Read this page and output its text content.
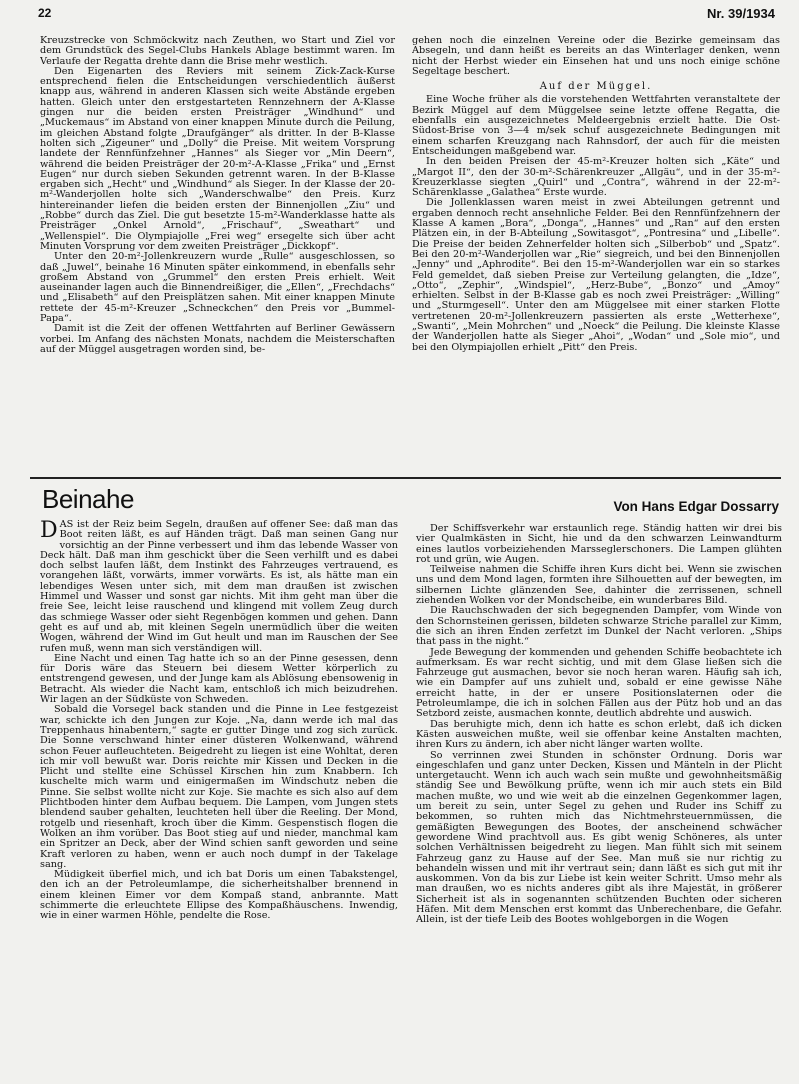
22	Nr. 39/1934

Kreuzstrecke von Schmöckwitz nach Zeuthen, wo Start und Ziel vor dem Grundstück des Segel-Clubs Hankels Ablage bestimmt waren. Im Verlaufe der Regatta drehte dann die Brise mehr westlich.

Den Eigenarten des Reviers mit seinem Zick-Zack-Kurse entsprechend fielen die Entscheidungen verschiedentlich äußerst knapp aus, während in anderen Klassen sich weite Abstände ergeben hatten. Gleich unter den erstgestarteten Rennzehnern der A-Klasse gingen nur die beiden ersten Preisträger „Windhund“ und „Muckemaus“ im Abstand von einer knappen Minute durch die Peilung, im gleichen Abstand folgte „Draufgänger“ als dritter. In der B-Klasse holten sich „Zigeuner“ und „Dolly“ die Preise. Mit weitem Vorsprung landete der Rennfünfzehner „Hannes“ als Sieger vor „Min Deern“, während die beiden Preisträger der 20-m²-A-Klasse „Frika“ und „Ernst Eugen“ nur durch sieben Sekunden getrennt waren. In der B-Klasse ergaben sich „Hecht“ und „Windhund“ als Sieger. In der Klasse der 20-m²-Wanderjollen holte sich „Wanderschwalbe“ den Preis. Kurz hintereinander liefen die beiden ersten der Binnenjollen „Ziu“ und „Robbe“ durch das Ziel. Die gut besetzte 15-m²-Wanderklasse hatte als Preisträger „Onkel Arnold“, „Frischauf“, „Sweathart“ und „Wellenspiel“. Die Olympiajolle „Frei weg“ ersegelte sich über acht Minuten Vorsprung vor dem zweiten Preisträger „Dickkopf“.

Unter den 20-m²-Jollenkreuzern wurde „Rulle“ ausgeschlossen, so daß „Juwel“, beinahe 16 Minuten später einkommend, in ebenfalls sehr großem Abstand von „Grummel“ den ersten Preis erhielt. Weit auseinander lagen auch die Binnendreißiger, die „Ellen“, „Frechdachs“ und „Elisabeth“ auf den Preisplätzen sahen. Mit einer knappen Minute rettete der 45-m²-Kreuzer „Schneckchen“ den Preis vor „Bummel-Papa“.

Damit ist die Zeit der offenen Wettfahrten auf Berliner Gewässern vorbei. Im Anfang des nächsten Monats, nachdem die Meisterschaften auf der Müggel ausgetragen worden sind, be-

gehen noch die einzelnen Vereine oder die Bezirke gemeinsam das Absegeln, und dann heißt es bereits an das Winterlager denken, wenn nicht der Herbst wieder ein Einsehen hat und uns noch einige schöne Segeltage beschert.

Auf der Müggel.

Eine Woche früher als die vorstehenden Wettfahrten veranstaltete der Bezirk Müggel auf dem Müggelsee seine letzte offene Regatta, die ebenfalls ein ausgezeichnetes Meldeergebnis erzielt hatte. Die Ost-Südost-Brise von 3—4 m/sek schuf ausgezeichnete Bedingungen mit einem scharfen Kreuzgang nach Rahnsdorf, der auch für die meisten Entscheidungen maßgebend war.

In den beiden Preisen der 45-m²-Kreuzer holten sich „Käte“ und „Margot II“, den der 30-m²-Schärenkreuzer „Allgäu“, und in der 35-m²-Kreuzerklasse siegten „Quirl“ und „Contra“, während in der 22-m²-Schärenklasse „Galathea“ Erste wurde.

Die Jollenklassen waren meist in zwei Abteilungen getrennt und ergaben dennoch recht ansehnliche Felder. Bei den Rennfünfzehnern der Klasse A kamen „Bora“, „Donga“, „Hannes“ und „Ran“ auf den ersten Plätzen ein, in der B-Abteilung „Sowitasgot“, „Pontresina“ und „Libelle“. Die Preise der beiden Zehnerfelder holten sich „Silberbob“ und „Spatz“. Bei den 20-m²-Wanderjollen war „Rie“ siegreich, und bei den Binnenjollen „Jenny“ und „Aphrodite“. Bei den 15-m²-Wanderjollen war ein so starkes Feld gemeldet, daß sieben Preise zur Verteilung gelangten, die „Idze“, „Otto“, „Zephir“, „Windspiel“, „Herz-Bube“, „Bonzo“ und „Amoy“ erhielten. Selbst in der B-Klasse gab es noch zwei Preisträger: „Willing“ und „Sturmgesell“. Unter den am Müggelsee mit einer starken Flotte vertretenen 20-m²-Jollenkreuzern passierten als erste „Wetterhexe“, „Swanti“, „Mein Mohrchen“ und „Noeck“ die Peilung. Die kleinste Klasse der Wanderjollen hatte als Sieger „Ahoi“, „Wodan“ und „Sole mio“, und bei den Olympiajollen erhielt „Pitt“ den Preis.

Beinahe	Von Hans Edgar Dossarry

DAS ist der Reiz beim Segeln, draußen auf offener See: daß man das Boot reiten läßt, es auf Händen trägt. Daß man seinen Gang nur vorsichtig an der Pinne verbessert und ihm das lebende Wasser von Deck hält. Daß man ihm geschickt über die Seen verhilft und es dabei doch selbst laufen läßt, dem Instinkt des Fahrzeuges vertrauend, es vorangehen läßt, vorwärts, immer vorwärts. Es ist, als hätte man ein lebendiges Wesen unter sich, mit dem man draußen ist zwischen Himmel und Wasser und sonst gar nichts. Mit ihm geht man über die freie See, leicht leise rauschend und klingend mit vollem Zeug durch das schmiege Wasser oder sieht Regenbögen kommen und gehen. Dann geht es auf und ab, mit kleinen Segeln unermüdlich über die weiten Wogen, während der Wind im Gut heult und man im Rauschen der See rufen muß, wenn man sich verständigen will.

Eine Nacht und einen Tag hatte ich so an der Pinne gesessen, denn für Doris wäre das Steuern bei diesem Wetter körperlich zu entstrengend gewesen, und der Junge kam als Ablösung ebensowenig in Betracht. Als wieder die Nacht kam, entschloß ich mich beizudrehen. Wir lagen an der Südküste von Schweden.

Sobald die Vorsegel back standen und die Pinne in Lee festgezeist war, schickte ich den Jungen zur Koje. „Na, dann werde ich mal das Treppenhaus hinabentern,“ sagte er gutter Dinge und zog sich zurück. Die Sonne verschwand hinter einer düsteren Wolkenwand, während schon Feuer aufleuchteten. Beigedreht zu liegen ist eine Wohltat, deren ich mir voll bewußt war. Doris reichte mir Kissen und Decken in die Plicht und stellte eine Schüssel Kirschen hin zum Knabbern. Ich kuschelte mich warm und einigermaßen im Windschutz neben die Pinne. Sie selbst wollte nicht zur Koje. Sie machte es sich also auf dem Plichtboden hinter dem Aufbau bequem. Die Lampen, vom Jungen stets blendend sauber gehalten, leuchteten hell über die Reeling. Der Mond, rotgelb und riesenhaft, kroch über die Kimm. Gespenstisch flogen die Wolken an ihm vorüber. Das Boot stieg auf und nieder, manchmal kam ein Spritzer an Deck, aber der Wind schien sanft geworden und seine Kraft verloren zu haben, wenn er auch noch dumpf in der Takelage sang.

Müdigkeit überfiel mich, und ich bat Doris um einen Tabakstengel, den ich an der Petroleumlampe, die sicherheitshalber brennend in einem kleinen Eimer vor dem Kompaß stand, anbrannte. Matt schimmerte die erleuchtete Ellipse des Kompaßhäuschens. Inwendig, wie in einer warmen Höhle, pendelte die Rose.

Der Schiffsverkehr war erstaunlich rege. Ständig hatten wir drei bis vier Qualmkästen in Sicht, hie und da den schwarzen Leinwandturm eines lautlos vorbeiziehenden Marsseglerschoners. Die Lampen glühten rot und grün, wie Augen.

Teilweise nahmen die Schiffe ihren Kurs dicht bei. Wenn sie zwischen uns und dem Mond lagen, formten ihre Silhouetten auf der bewegten, im silbernen Lichte glänzenden See, dahinter die zerrissenen, schnell ziehenden Wolken vor der Mondscheibe, ein wunderbares Bild.

Die Rauchschwaden der sich begegnenden Dampfer, vom Winde von den Schornsteinen gerissen, bildeten schwarze Striche parallel zur Kimm, die sich an ihren Enden zerfetzt im Dunkel der Nacht verloren. „Ships that pass in the night.“

Jede Bewegung der kommenden und gehenden Schiffe beobachtete ich aufmerksam. Es war recht sichtig, und mit dem Glase ließen sich die Fahrzeuge gut ausmachen, bevor sie noch heran waren. Häufig sah ich, wie ein Dampfer auf uns zuhielt und, sobald er eine gewisse Nähe erreicht hatte, in der er unsere Positionslaternen oder die Petroleumlampe, die ich in solchen Fällen aus der Pütz hob und an das Setzbord zeiste, ausmachen konnte, deutlich abdrehte und auswich.

Das beruhigte mich, denn ich hatte es schon erlebt, daß ich dicken Kästen ausweichen mußte, weil sie offenbar keine Anstalten machten, ihren Kurs zu ändern, ich aber nicht länger warten wollte.

So verrinnen zwei Stunden in schönster Ordnung. Doris war eingeschlafen und ganz unter Decken, Kissen und Mänteln in der Plicht untergetaucht. Wenn ich auch wach sein mußte und gewohnheitsmäßig ständig See und Bewölkung prüfte, wenn ich mir auch stets ein Bild machen mußte, wo und wie weit ab die einzelnen Gegenkommer lagen, um bereit zu sein, unter Segel zu gehen und Ruder ins Schiff zu bekommen, so ruhten mich das Nichtmehrsteuernmüssen, die gemäßigten Bewegungen des Bootes, der anscheinend schwächer gewordene Wind prachtvoll aus. Es gibt wenig Schöneres, als unter solchen Verhältnissen beigedreht zu liegen. Man fühlt sich mit seinem Fahrzeug ganz zu Hause auf der See. Man muß sie nur richtig zu behandeln wissen und mit ihr vertraut sein; dann läßt es sich gut mit ihr auskommen. Von da bis zur Liebe ist kein weiter Schritt. Umso mehr als man draußen, wo es nichts anderes gibt als ihre Majestät, in größerer Sicherheit ist als in sogenannten schützenden Buchten oder sicheren Häfen. Mit dem Menschen erst kommt das Unberechenbare, die Gefahr. Allein, ist der tiefe Leib des Bootes wohlgeborgen in die Wogen
